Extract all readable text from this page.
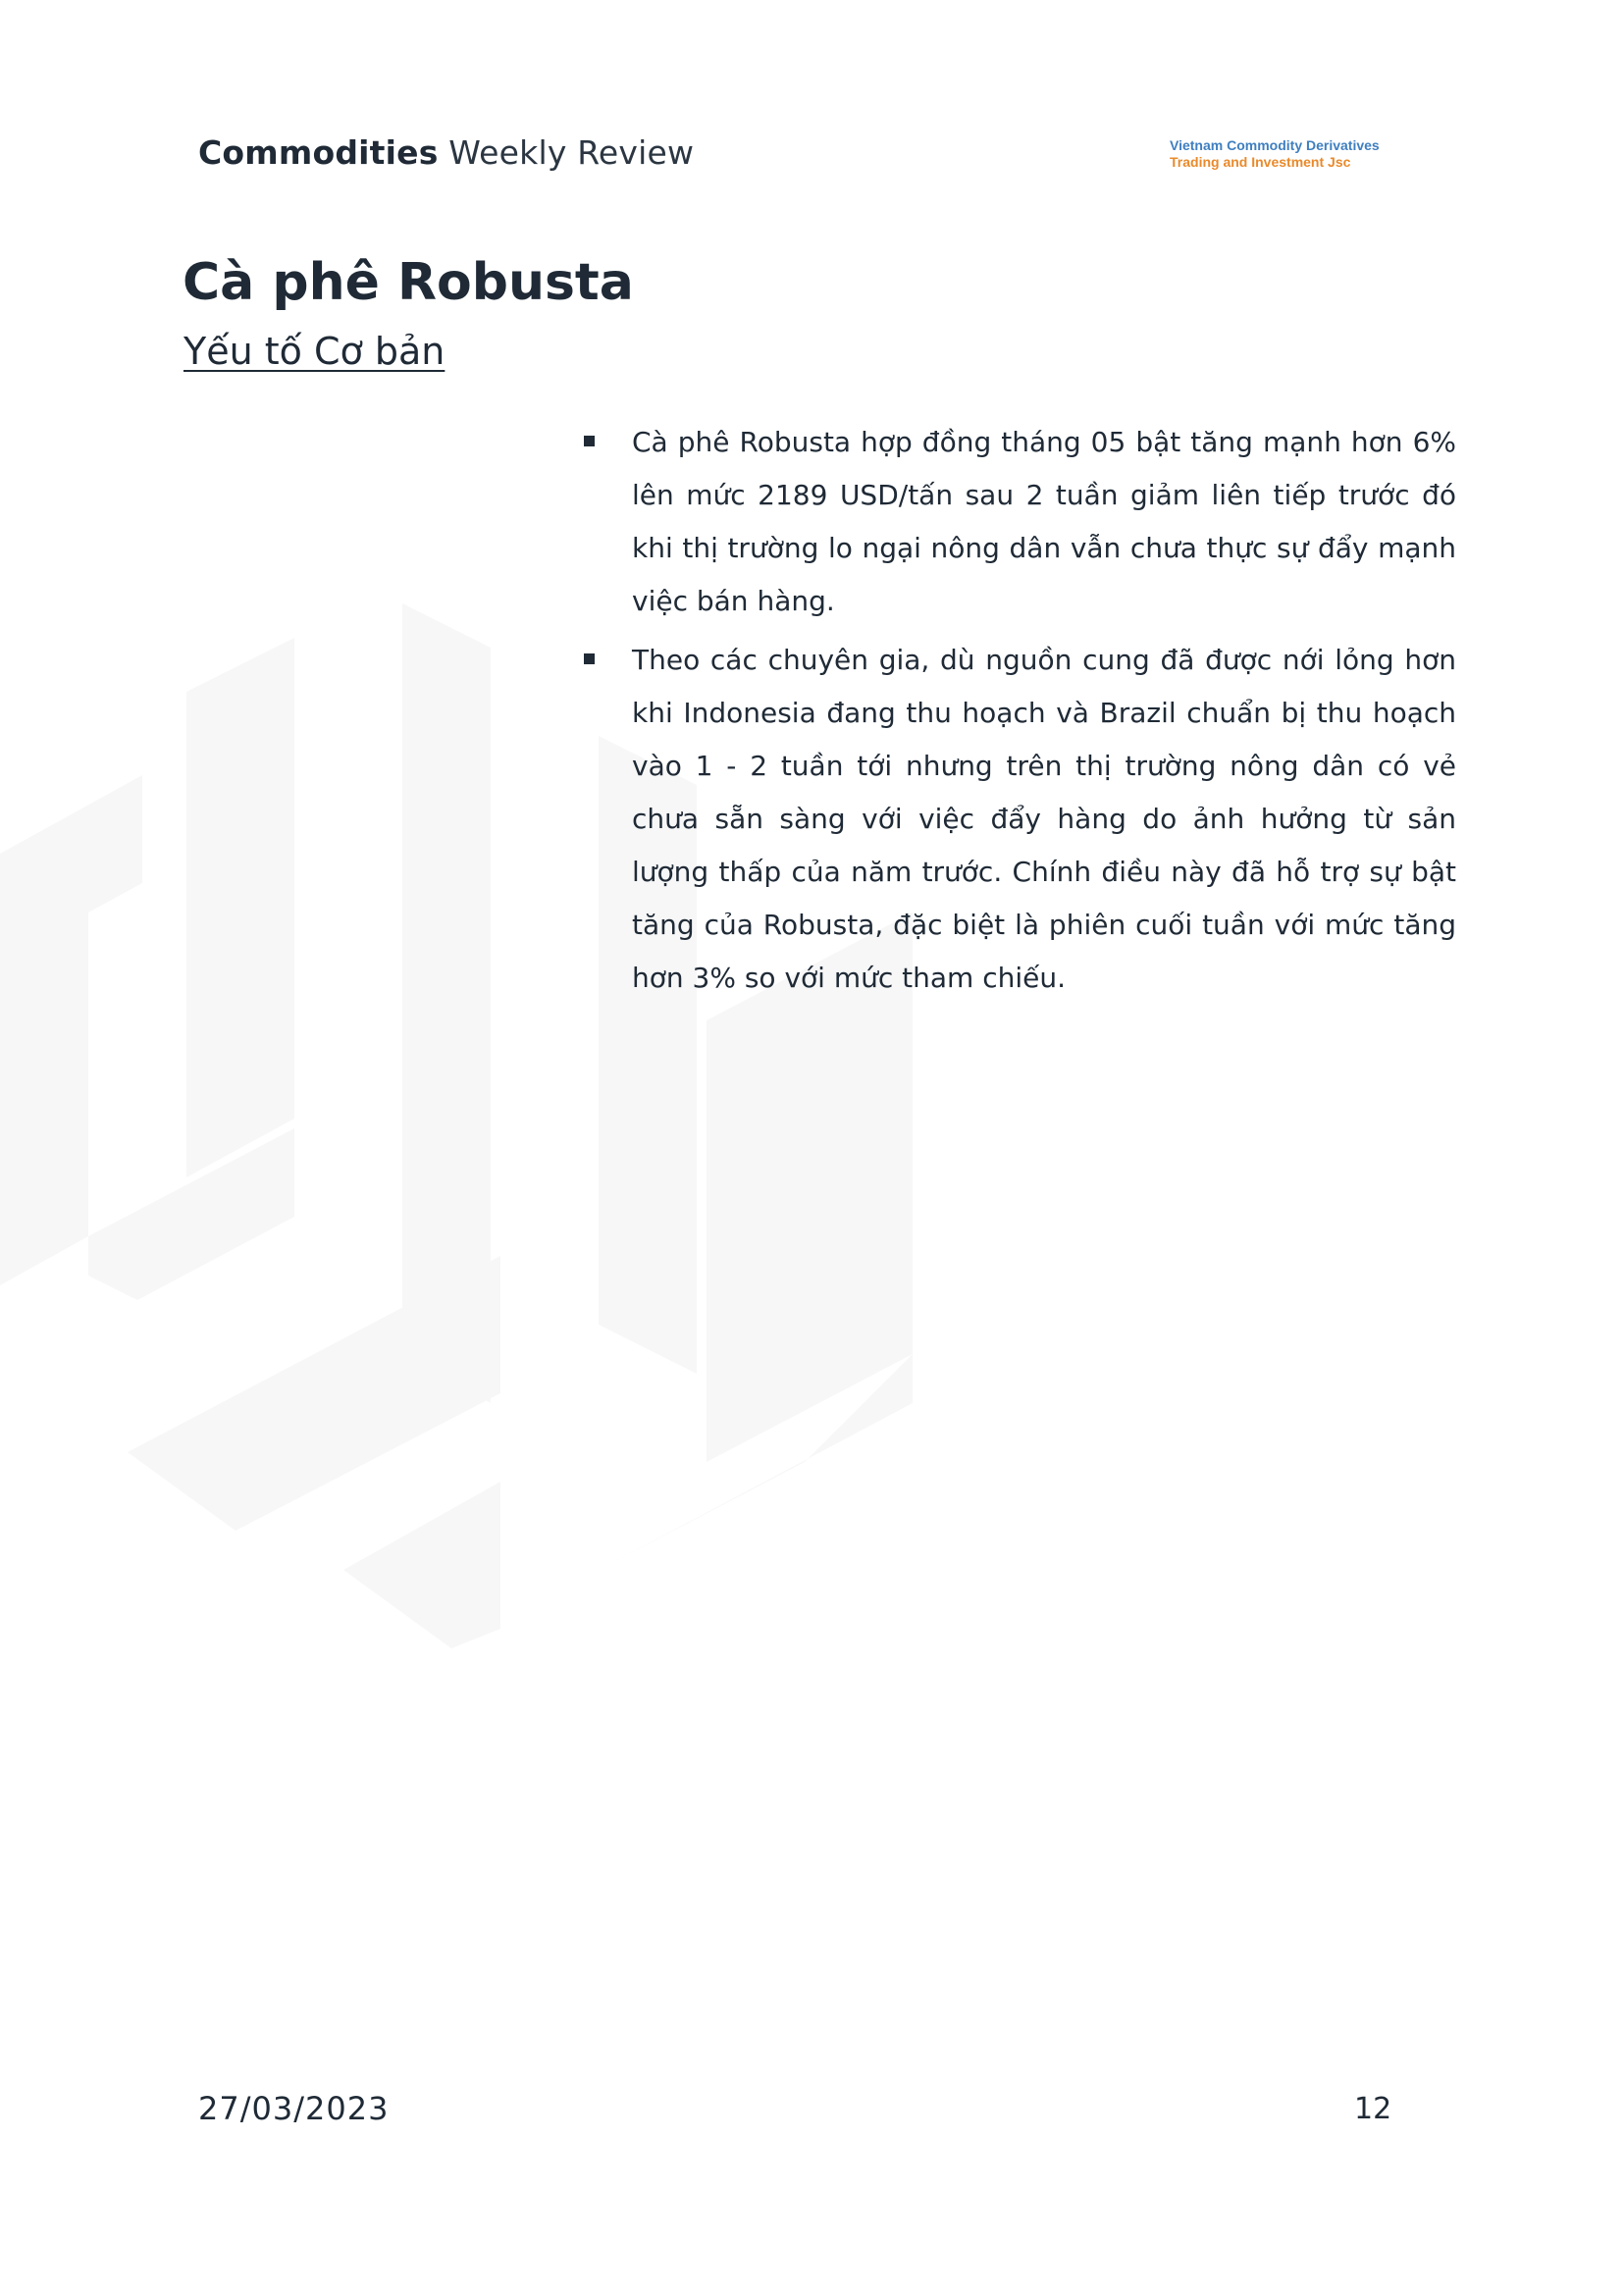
Commodities Weekly Review	Vietnam Commodity Derivatives
Trading and Investment Jsc
Cà phê Robusta
Yếu tố Cơ bản
Cà phê Robusta hợp đồng tháng 05 bật tăng mạnh hơn 6% lên mức 2189 USD/tấn sau 2 tuần giảm liên tiếp trước đó khi thị trường lo ngại nông dân vẫn chưa thực sự đẩy mạnh việc bán hàng.
Theo các chuyên gia, dù nguồn cung đã được nới lỏng hơn khi Indonesia đang thu hoạch và Brazil chuẩn bị thu hoạch vào 1 - 2 tuần tới nhưng trên thị trường nông dân có vẻ chưa sẵn sàng với việc đẩy hàng do ảnh hưởng từ sản lượng thấp của năm trước. Chính điều này đã hỗ trợ sự bật tăng của Robusta, đặc biệt là phiên cuối tuần với mức tăng hơn 3% so với mức tham chiếu.
27/03/2023	12
